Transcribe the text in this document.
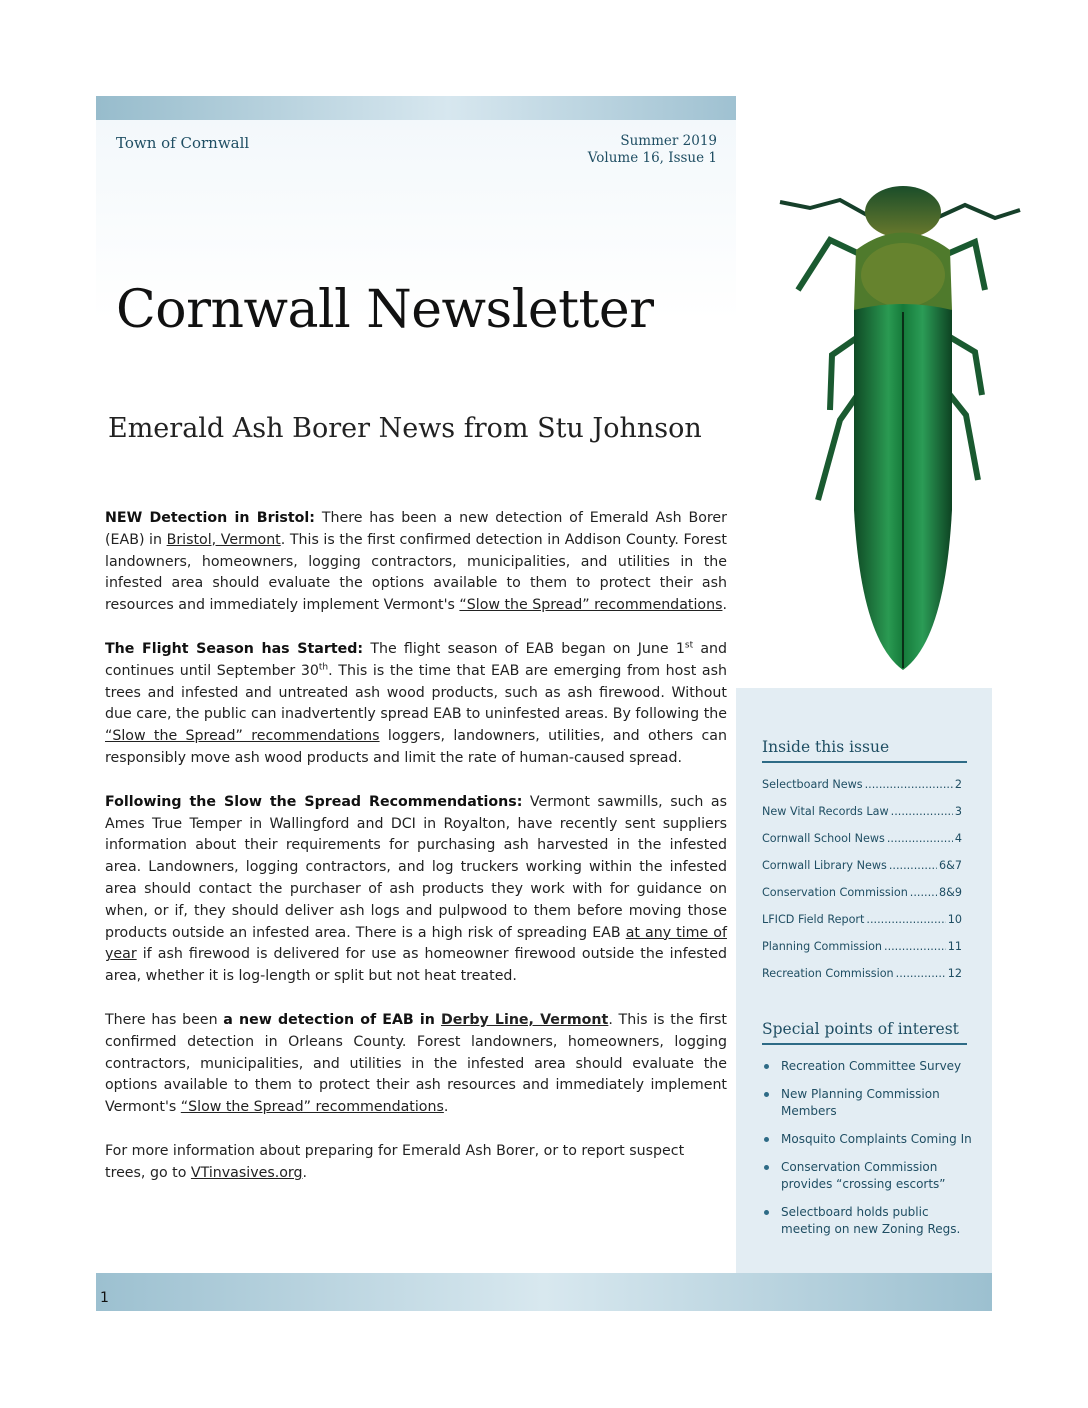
Town of Cornwall	Summer 2019
Volume 16, Issue 1
Cornwall Newsletter
Emerald Ash Borer News from Stu Johnson

NEW Detection in Bristol: There has been a new detection of Emerald Ash Borer (EAB) in Bristol, Vermont. This is the first confirmed detection in Addison County. Forest landowners, homeowners, logging contractors, municipalities, and utilities in the infested area should evaluate the options available to them to protect their ash resources and immediately implement Vermont's “Slow the Spread” recommendations.

The Flight Season has Started: The flight season of EAB began on June 1st and continues until September 30th. This is the time that EAB are emerging from host ash trees and infested and untreated ash wood products, such as ash firewood. Without due care, the public can inadvertently spread EAB to uninfested areas. By following the “Slow the Spread” recommendations loggers, landowners, utilities, and others can responsibly move ash wood products and limit the rate of human-caused spread.

Following the Slow the Spread Recommendations: Vermont sawmills, such as Ames True Temper in Wallingford and DCI in Royalton, have recently sent suppliers information about their requirements for purchasing ash harvested in the infested area. Landowners, logging contractors, and log truckers working within the infested area should contact the purchaser of ash products they work with for guidance on when, or if, they should deliver ash logs and pulpwood to them before moving those products outside an infested area. There is a high risk of spreading EAB at any time of year if ash firewood is delivered for use as homeowner firewood outside the infested area, whether it is log-length or split but not heat treated.

There has been a new detection of EAB in Derby Line, Vermont. This is the first confirmed detection in Orleans County. Forest landowners, homeowners, logging contractors, municipalities, and utilities in the infested area should evaluate the options available to them to protect their ash resources and immediately implement Vermont's “Slow the Spread” recommendations.

For more information about preparing for Emerald Ash Borer, or to report suspect trees, go to VTinvasives.org.

Inside this issue
Selectboard News .....	2
New Vital Records Law .....	3
Cornwall School News .....	4
Cornwall Library News .....	6&7
Conservation Commission .....	8&9
LFICD Field Report .....	10
Planning Commission .....	11
Recreation Commission .....	12
Special points of interest
Recreation Committee Survey
New Planning Commission Members
Mosquito Complaints Coming In
Conservation Commission provides “crossing escorts”
Selectboard holds public meeting on new Zoning Regs.
1
